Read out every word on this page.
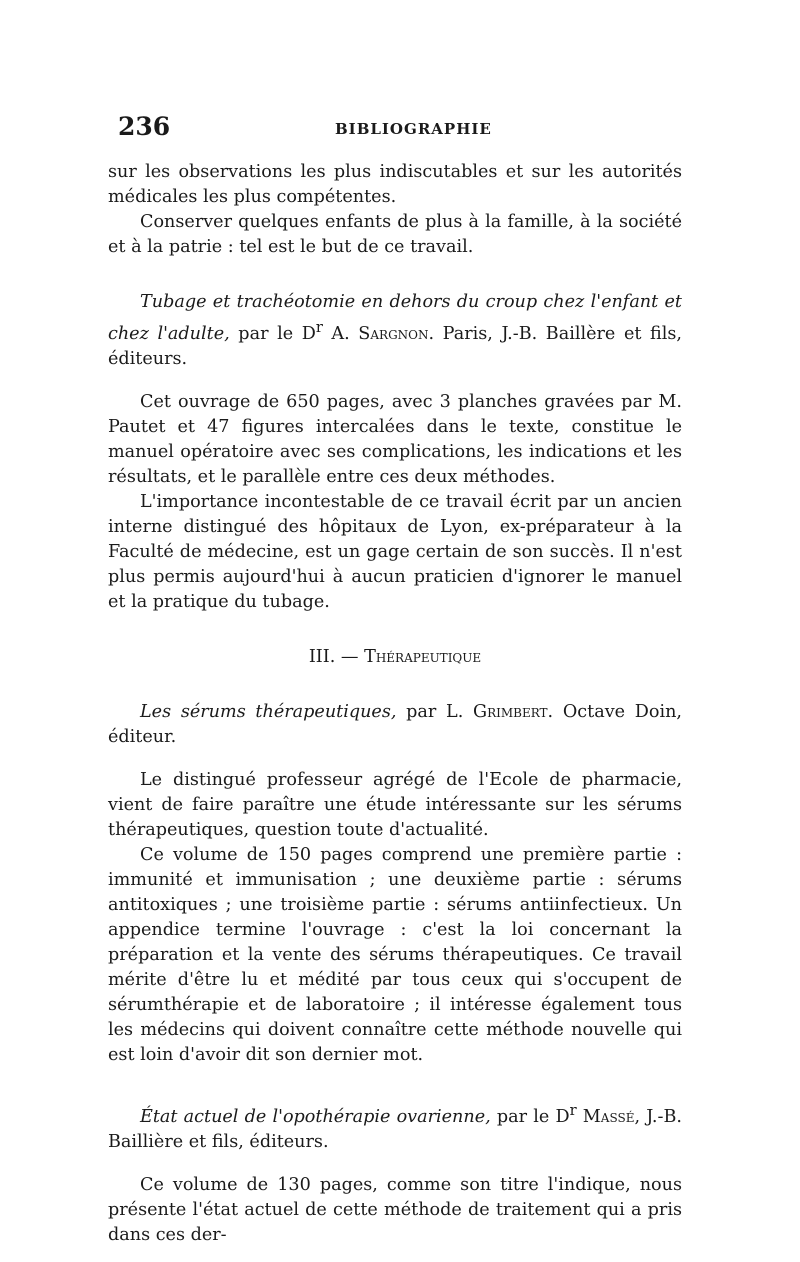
236	BIBLIOGRAPHIE

sur les observations les plus indiscutables et sur les autorités médicales les plus compétentes.

Conserver quelques enfants de plus à la famille, à la société et à la patrie : tel est le but de ce travail.

Tubage et trachéotomie en dehors du croup chez l'enfant et chez l'adulte, par le $D^r$ A. Sargnon. Paris, J.-B. Baillère et fils, éditeurs.

Cet ouvrage de 650 pages, avec 3 planches gravées par M. Pautet et 47 figures intercalées dans le texte, constitue le manuel opératoire avec ses complications, les indications et les résultats, et le parallèle entre ces deux méthodes.

L'importance incontestable de ce travail écrit par un ancien interne distingué des hôpitaux de Lyon, ex-préparateur à la Faculté de médecine, est un gage certain de son succès. Il n'est plus permis aujourd'hui à aucun praticien d'ignorer le manuel et la pratique du tubage.

III. — Thérapeutique

Les sérums thérapeutiques, par L. Grimbert. Octave Doin, éditeur.

Le distingué professeur agrégé de l'Ecole de pharmacie, vient de faire paraître une étude intéressante sur les sérums thérapeutiques, question toute d'actualité.

Ce volume de 150 pages comprend une première partie : immunité et immunisation ; une deuxième partie : sérums antitoxiques ; une troisième partie : sérums antiinfectieux. Un appendice termine l'ouvrage : c'est la loi concernant la préparation et la vente des sérums thérapeutiques. Ce travail mérite d'être lu et médité par tous ceux qui s'occupent de sérumthérapie et de laboratoire ; il intéresse également tous les médecins qui doivent connaître cette méthode nouvelle qui est loin d'avoir dit son dernier mot.

État actuel de l'opothérapie ovarienne, par le $D^r$ Massé, J.-B. Baillière et fils, éditeurs.

Ce volume de 130 pages, comme son titre l'indique, nous présente l'état actuel de cette méthode de traitement qui a pris dans ces der-
